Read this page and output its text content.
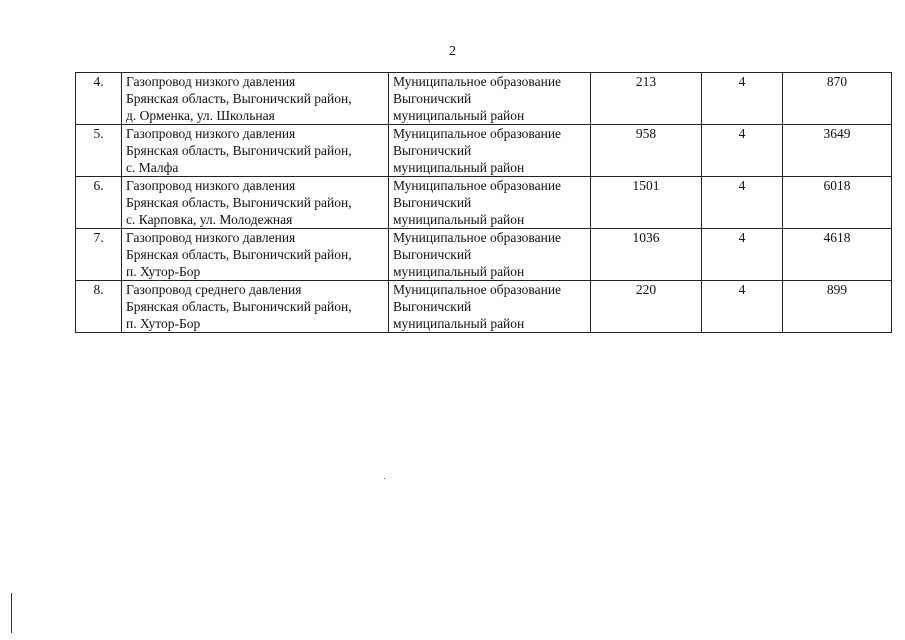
2
4.	Газопровод низкого давления
Брянская область, Выгоничский район,
д. Орменка, ул. Школьная	Муниципальное образование
Выгоничский
муниципальный район	213	4	870
5.	Газопровод низкого давления
Брянская область, Выгоничский район,
с. Малфа	Муниципальное образование
Выгоничский
муниципальный район	958	4	3649
6.	Газопровод низкого давления
Брянская область, Выгоничский район,
с. Карповка, ул. Молодежная	Муниципальное образование
Выгоничский
муниципальный район	1501	4	6018
7.	Газопровод низкого давления
Брянская область, Выгоничский район,
п. Хутор-Бор	Муниципальное образование
Выгоничский
муниципальный район	1036	4	4618
8.	Газопровод среднего давления
Брянская область, Выгоничский район,
п. Хутор-Бор	Муниципальное образование
Выгоничский
муниципальный район	220	4	899
